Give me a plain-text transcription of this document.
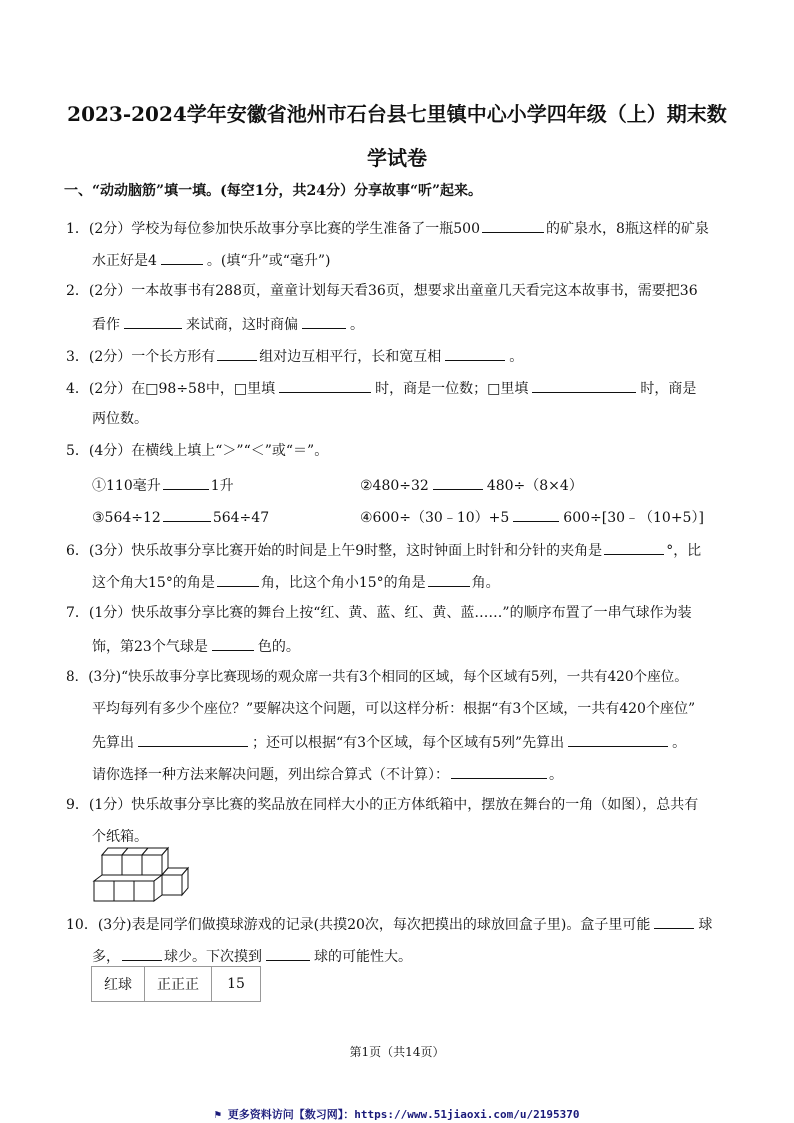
2023-2024学年安徽省池州市石台县七里镇中心小学四年级（上）期末数
学试卷
一、“动动脑筋”填一填。(每空1分，共24分）分享故事“听”起来。
1．(2分）学校为每位参加快乐故事分享比赛的学生准备了一瓶500	的矿泉水，8瓶这样的矿泉
水正好是4	。(填“升”或“毫升”)
2．(2分）一本故事书有288页，童童计划每天看36页，想要求出童童几天看完这本故事书，需要把36
看作	来试商，这时商偏	。
3．(2分）一个长方形有	组对边互相平行，长和宽互相	。
4．(2分）在□98÷58中，□里填	时，商是一位数；□里填	时，商是
两位数。
5．(4分）在横线上填上“＞”“＜”或“＝”。
①110毫升	1升	②480÷32	480÷（8×4）
③564÷12	564÷47	④600÷（30﹣10）+5	600÷[30﹣（10+5）]
6．(3分）快乐故事分享比赛开始的时间是上午9时整，这时钟面上时针和分针的夹角是	°，比
这个角大15°的角是	角，比这个角小15°的角是	角。
7．(1分）快乐故事分享比赛的舞台上按“红、黄、蓝、红、黄、蓝……”的顺序布置了一串气球作为装
饰，第23个气球是	色的。
8．(3分)“快乐故事分享比赛现场的观众席一共有3个相同的区域，每个区域有5列，一共有420个座位。
平均每列有多少个座位？”要解决这个问题，可以这样分析：根据“有3个区域，一共有420个座位”
先算出	；还可以根据“有3个区域，每个区域有5列”先算出	。
请你选择一种方法来解决问题，列出综合算式（不计算）：	。
9．(1分）快乐故事分享比赛的奖品放在同样大小的正方体纸箱中，摆放在舞台的一角（如图），总共有
个纸箱。
10．(3分)表是同学们做摸球游戏的记录(共摸20次，每次把摸出的球放回盒子里)。盒子里可能	球
多，	球少。下次摸到	球的可能性大。
红球	正正正	15
第1页（共14页）
⚑ 更多资料访问【数习网】：https://www.51jiaoxi.com/u/2195370
